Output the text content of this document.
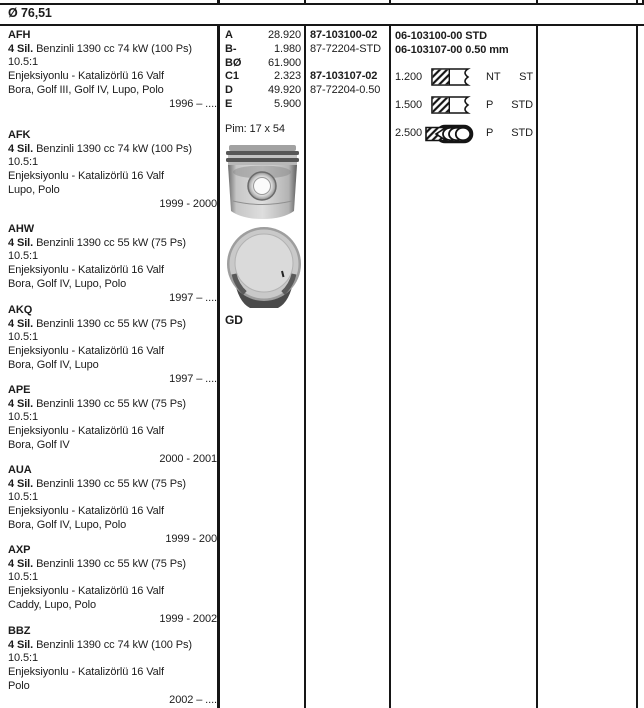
Ø 76,51
AFH
4 Sil. Benzinli 1390 cc 74 kW (100 Ps)
10.5:1
Enjeksiyonlu - Katalizörlü 16 Valf
Bora, Golf III, Golf IV, Lupo, Polo
1996 – ....
AFK
4 Sil. Benzinli 1390 cc 74 kW (100 Ps)
10.5:1
Enjeksiyonlu - Katalizörlü 16 Valf
Lupo, Polo
1999 - 2000
AHW
4 Sil. Benzinli 1390 cc 55 kW (75 Ps) 10.5:1
Enjeksiyonlu - Katalizörlü 16 Valf
Bora, Golf IV, Lupo, Polo
1997 – ....
AKQ
4 Sil. Benzinli 1390 cc 55 kW (75 Ps) 10.5:1
Enjeksiyonlu - Katalizörlü 16 Valf
Bora, Golf IV, Lupo
1997 – ....
APE
4 Sil. Benzinli 1390 cc 55 kW (75 Ps) 10.5:1
Enjeksiyonlu - Katalizörlü 16 Valf
Bora, Golf IV
2000 - 2001
AUA
4 Sil. Benzinli 1390 cc 55 kW (75 Ps) 10.5:1
Enjeksiyonlu - Katalizörlü 16 Valf
Bora, Golf IV, Lupo, Polo
1999 - 200
AXP
4 Sil. Benzinli 1390 cc 55 kW (75 Ps) 10.5:1
Enjeksiyonlu - Katalizörlü 16 Valf
Caddy, Lupo, Polo
1999 - 2002
BBZ
4 Sil. Benzinli 1390 cc 74 kW (100 Ps)
10.5:1
Enjeksiyonlu - Katalizörlü 16 Valf
Polo
2002 – ....
A	28.920
B-	1.980
BØ 61.900
C1	2.323
D	49.920
E	5.900
Pim: 17 x 54
GD
87-103100-02
87-72204-STD
87-103107-02
87-72204-0.50
06-103100-00 STD
06-103107-00 0.50 mm
1.200	NT ST
1.500	P STD
2.500	P STD
